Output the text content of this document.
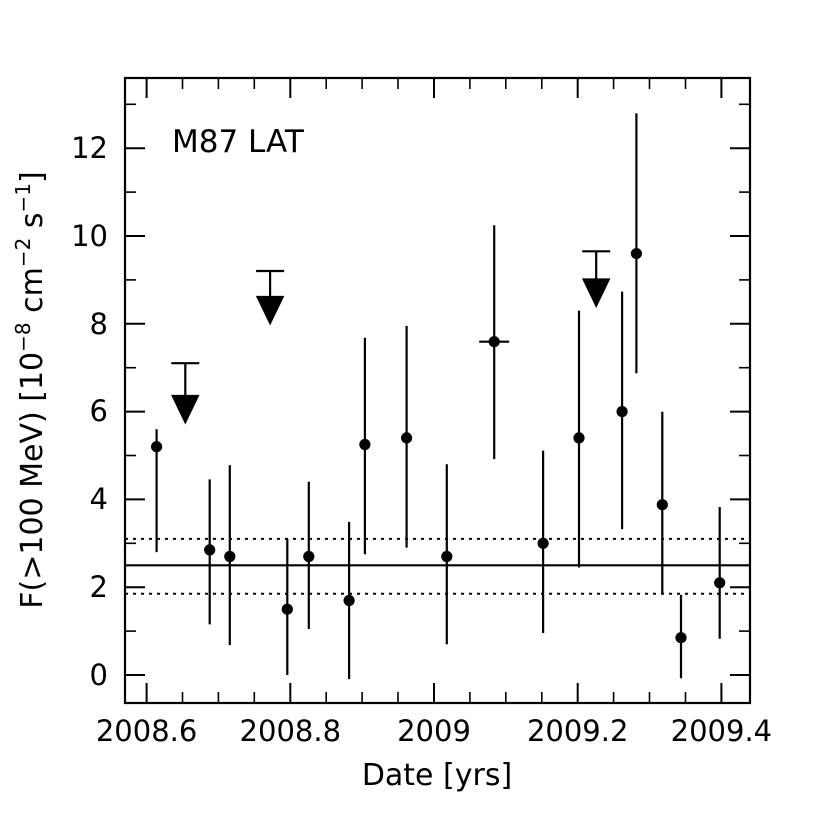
0
2
4
6
8
10
12
2008.6 2008.8 2009 2009.2 2009.4
Date [yrs]
F(>100 MeV) [$10^{-8}$ $cm^{-2}$ $s^{-1}$]
M87 LAT
